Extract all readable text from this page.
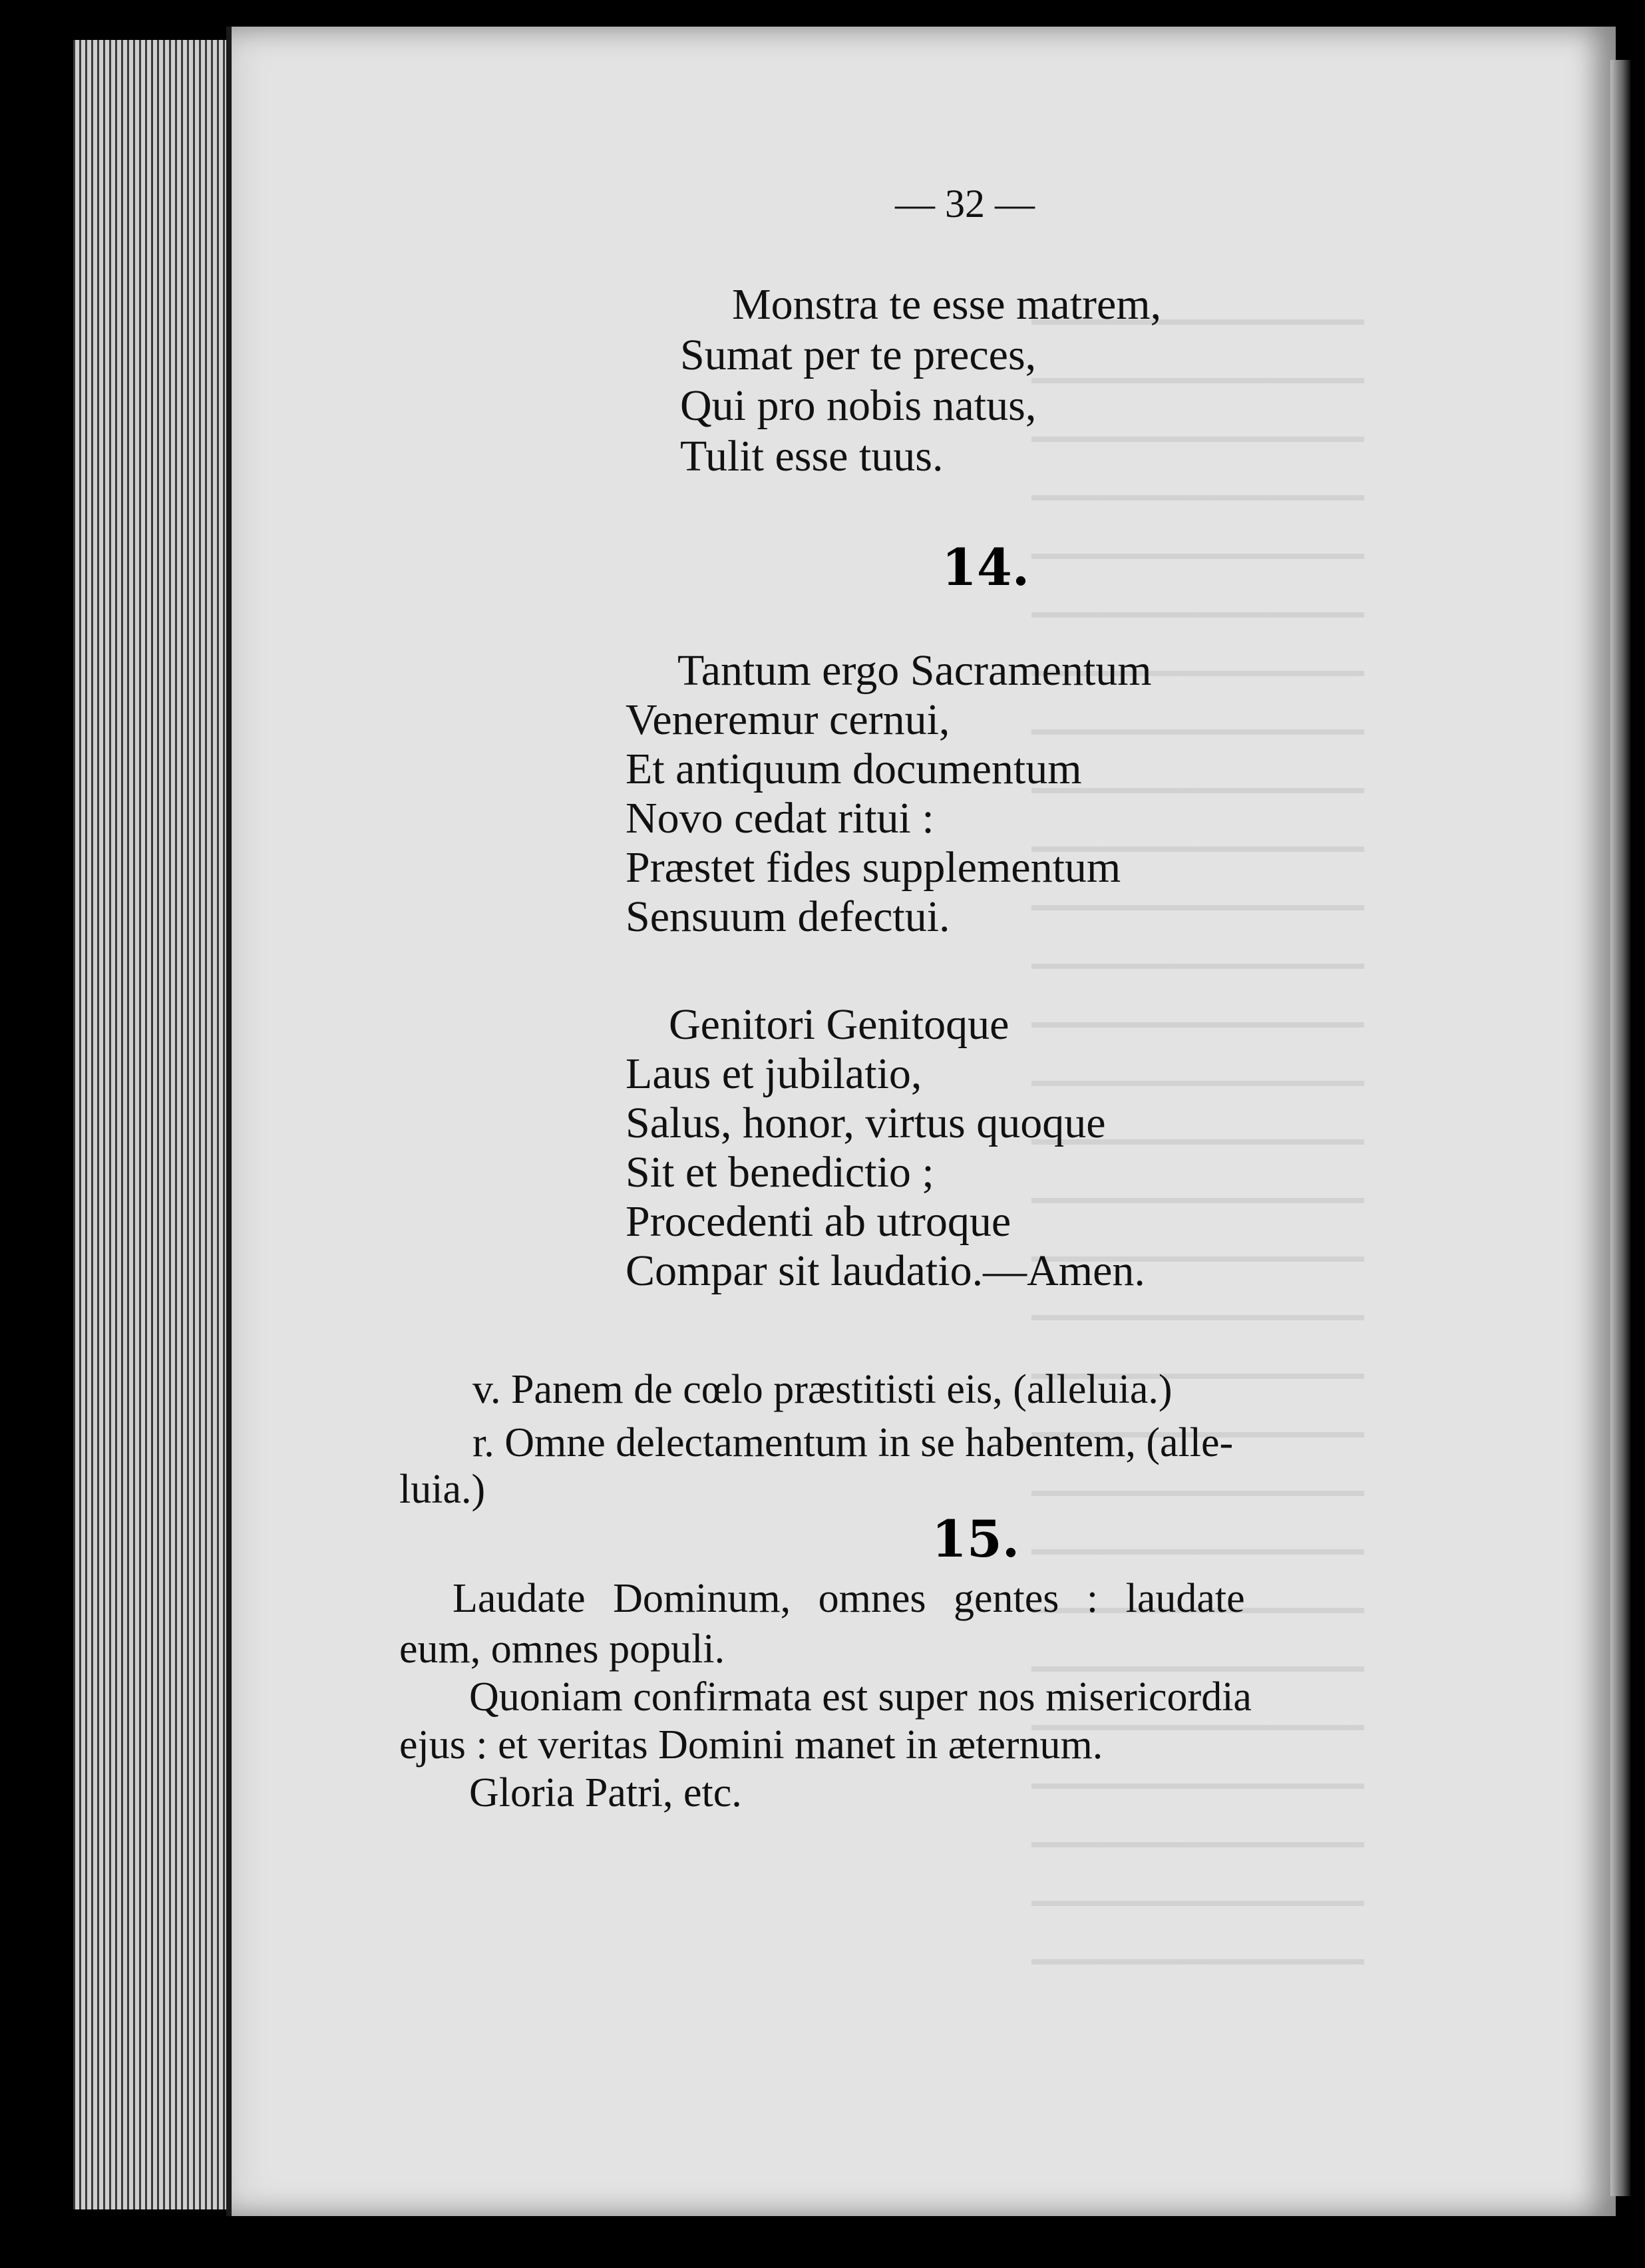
— 32 —
Monstra te esse matrem,
Sumat per te preces,
Qui pro nobis natus,
Tulit esse tuus.
14.
Tantum ergo Sacramentum
Veneremur cernui,
Et antiquum documentum
Novo cedat ritui :
Præstet fides supplementum
Sensuum defectui.
Genitori Genitoque
Laus et jubilatio,
Salus, honor, virtus quoque
Sit et benedictio ;
Procedenti ab utroque
Compar sit laudatio.—Amen.
v. Panem de cœlo præstitisti eis, (alleluia.)
r. Omne delectamentum in se habentem, (alle-
luia.)
15.
Laudate Dominum, omnes gentes : laudate
eum, omnes populi.
Quoniam confirmata est super nos misericordia
ejus : et veritas Domini manet in æternum.
Gloria Patri, etc.
